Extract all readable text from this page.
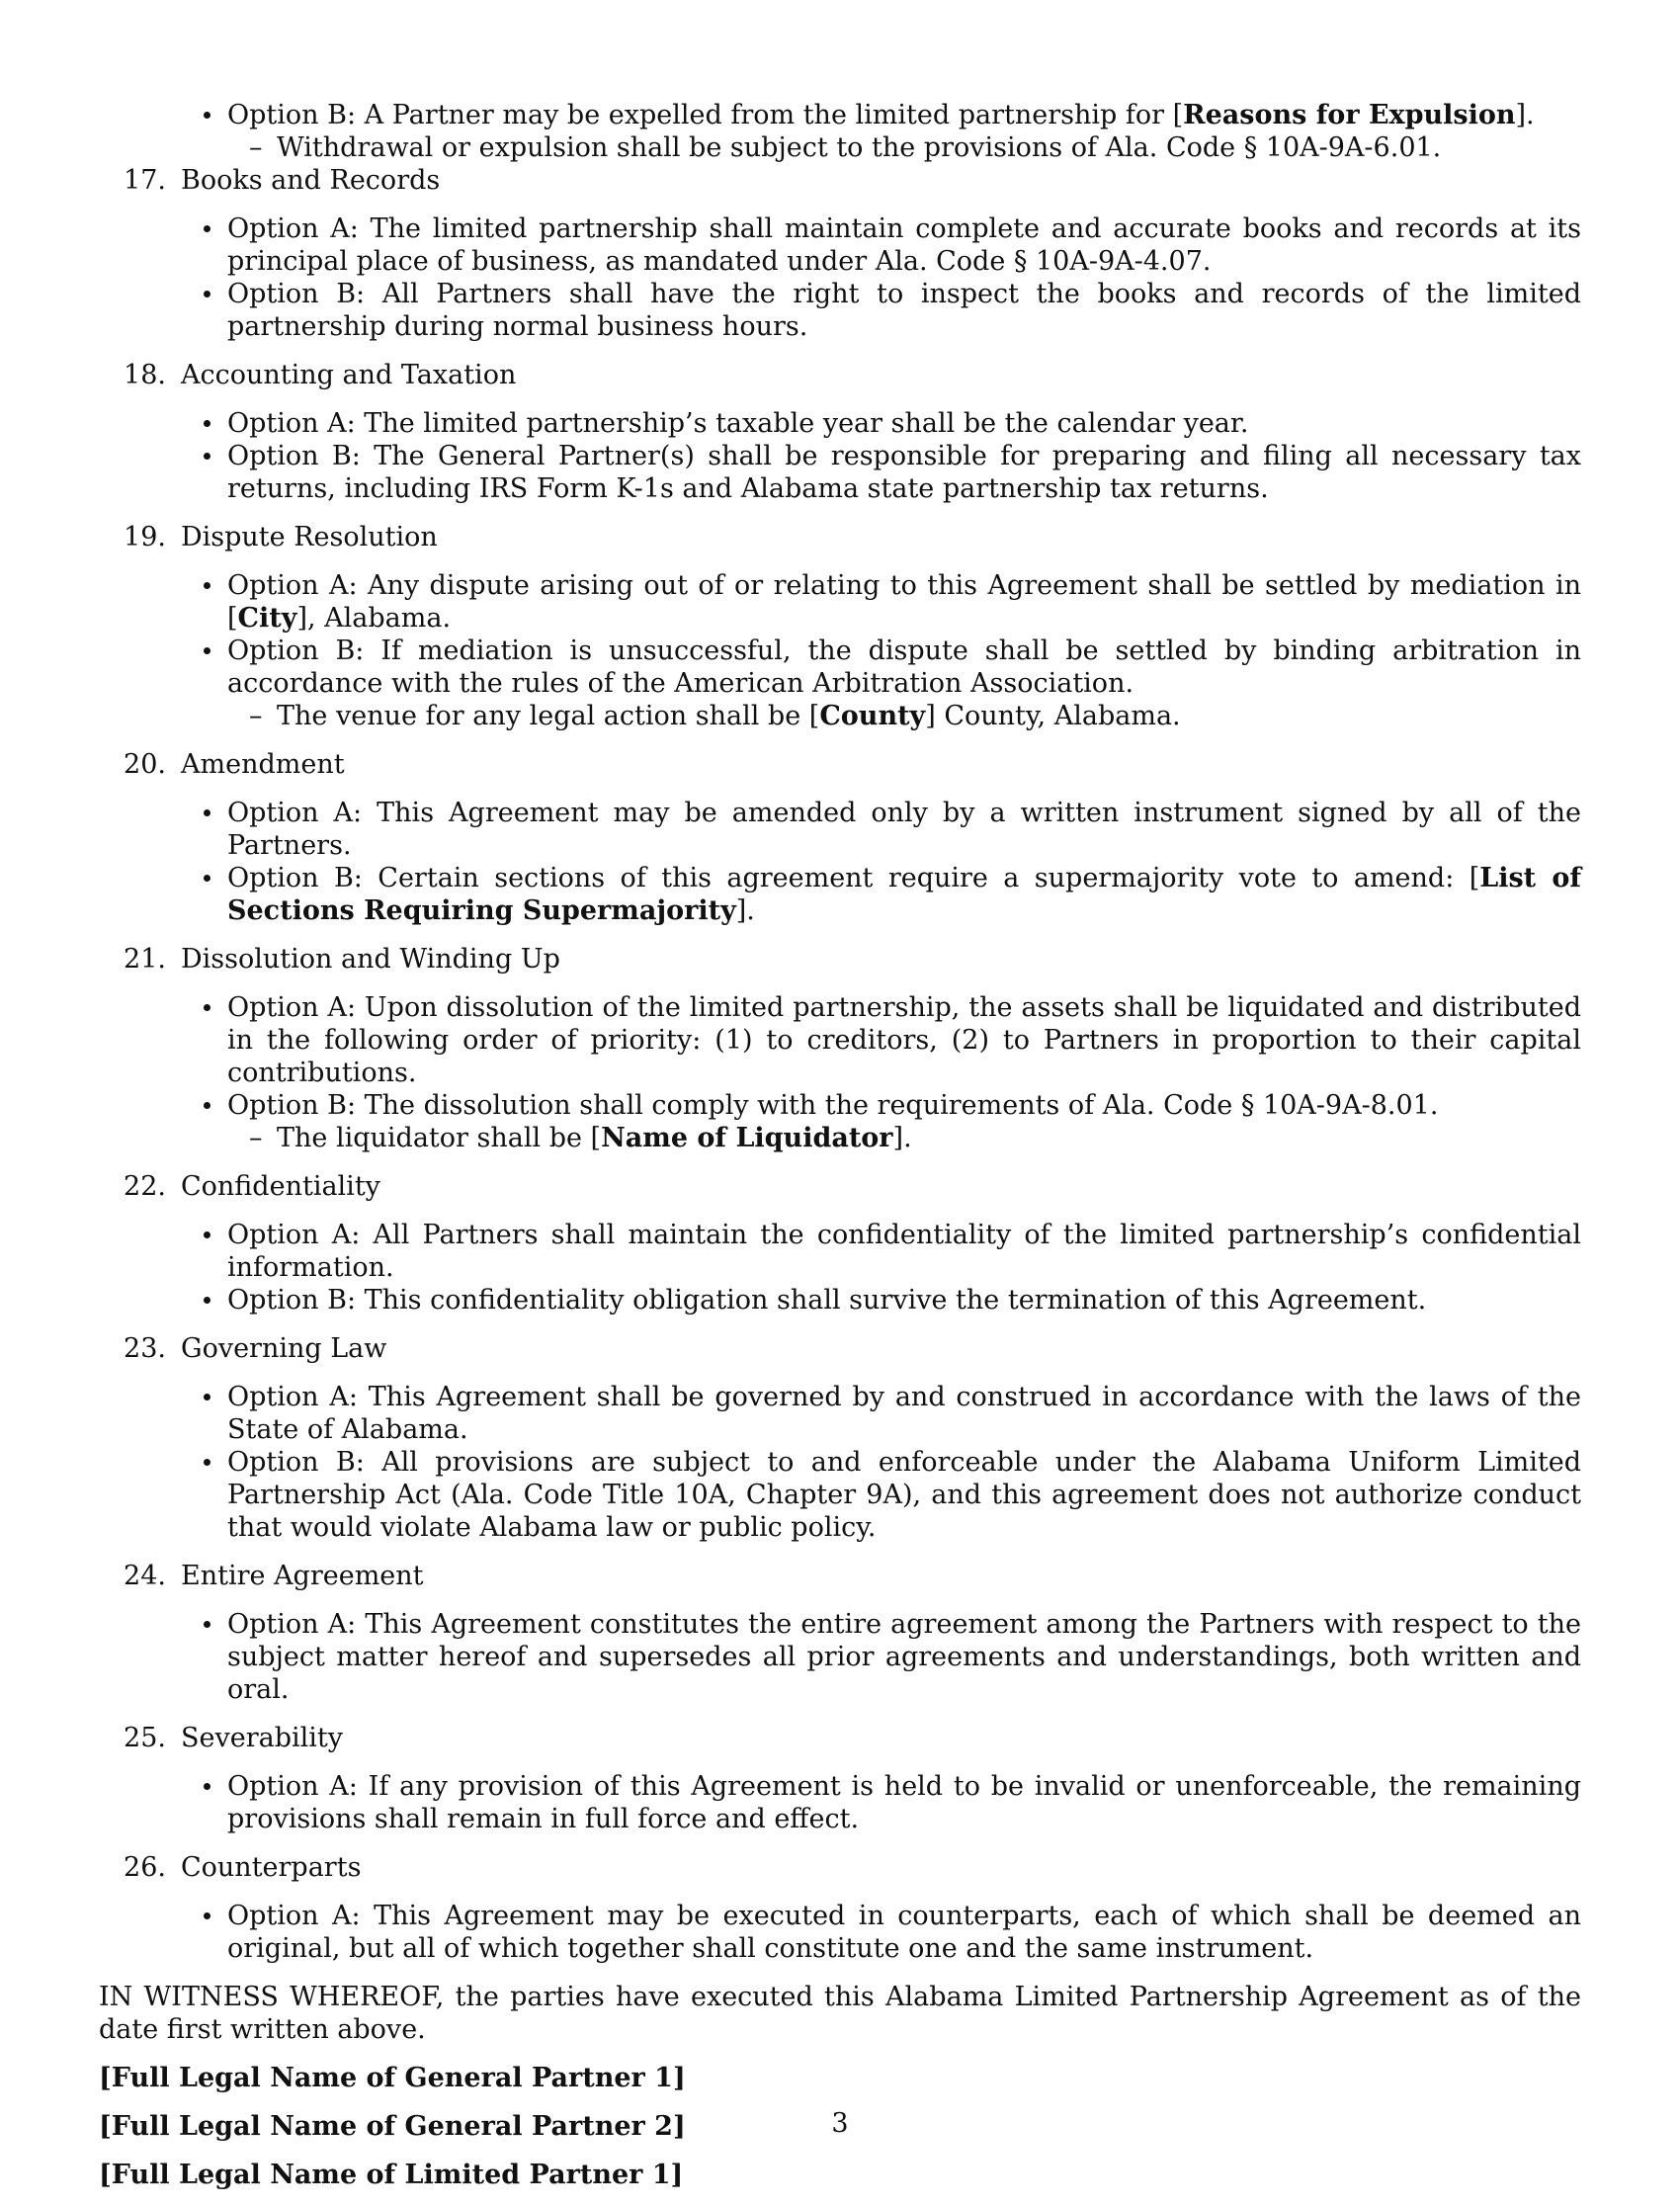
Option B: A Partner may be expelled from the limited partnership for [Reasons for Expulsion].
– Withdrawal or expulsion shall be subject to the provisions of Ala. Code § 10A-9A-6.01.
17. Books and Records
Option A: The limited partnership shall maintain complete and accurate books and records at its principal place of business, as mandated under Ala. Code § 10A-9A-4.07.
Option B: All Partners shall have the right to inspect the books and records of the limited partnership during normal business hours.
18. Accounting and Taxation
Option A: The limited partnership’s taxable year shall be the calendar year.
Option B: The General Partner(s) shall be responsible for preparing and filing all necessary tax returns, including IRS Form K-1s and Alabama state partnership tax returns.
19. Dispute Resolution
Option A: Any dispute arising out of or relating to this Agreement shall be settled by mediation in [City], Alabama.
Option B: If mediation is unsuccessful, the dispute shall be settled by binding arbitration in accordance with the rules of the American Arbitration Association.
– The venue for any legal action shall be [County] County, Alabama.
20. Amendment
Option A: This Agreement may be amended only by a written instrument signed by all of the Partners.
Option B: Certain sections of this agreement require a supermajority vote to amend: [List of Sections Requiring Supermajority].
21. Dissolution and Winding Up
Option A: Upon dissolution of the limited partnership, the assets shall be liquidated and distributed in the following order of priority: (1) to creditors, (2) to Partners in proportion to their capital contributions.
Option B: The dissolution shall comply with the requirements of Ala. Code § 10A-9A-8.01.
– The liquidator shall be [Name of Liquidator].
22. Confidentiality
Option A: All Partners shall maintain the confidentiality of the limited partnership’s confidential information.
Option B: This confidentiality obligation shall survive the termination of this Agreement.
23. Governing Law
Option A: This Agreement shall be governed by and construed in accordance with the laws of the State of Alabama.
Option B: All provisions are subject to and enforceable under the Alabama Uniform Limited Partnership Act (Ala. Code Title 10A, Chapter 9A), and this agreement does not authorize conduct that would violate Alabama law or public policy.
24. Entire Agreement
Option A: This Agreement constitutes the entire agreement among the Partners with respect to the subject matter hereof and supersedes all prior agreements and understandings, both written and oral.
25. Severability
Option A: If any provision of this Agreement is held to be invalid or unenforceable, the remaining provisions shall remain in full force and effect.
26. Counterparts
Option A: This Agreement may be executed in counterparts, each of which shall be deemed an original, but all of which together shall constitute one and the same instrument.

IN WITNESS WHEREOF, the parties have executed this Alabama Limited Partnership Agreement as of the date first written above.

[Full Legal Name of General Partner 1]

[Full Legal Name of General Partner 2]

[Full Legal Name of Limited Partner 1]

3
